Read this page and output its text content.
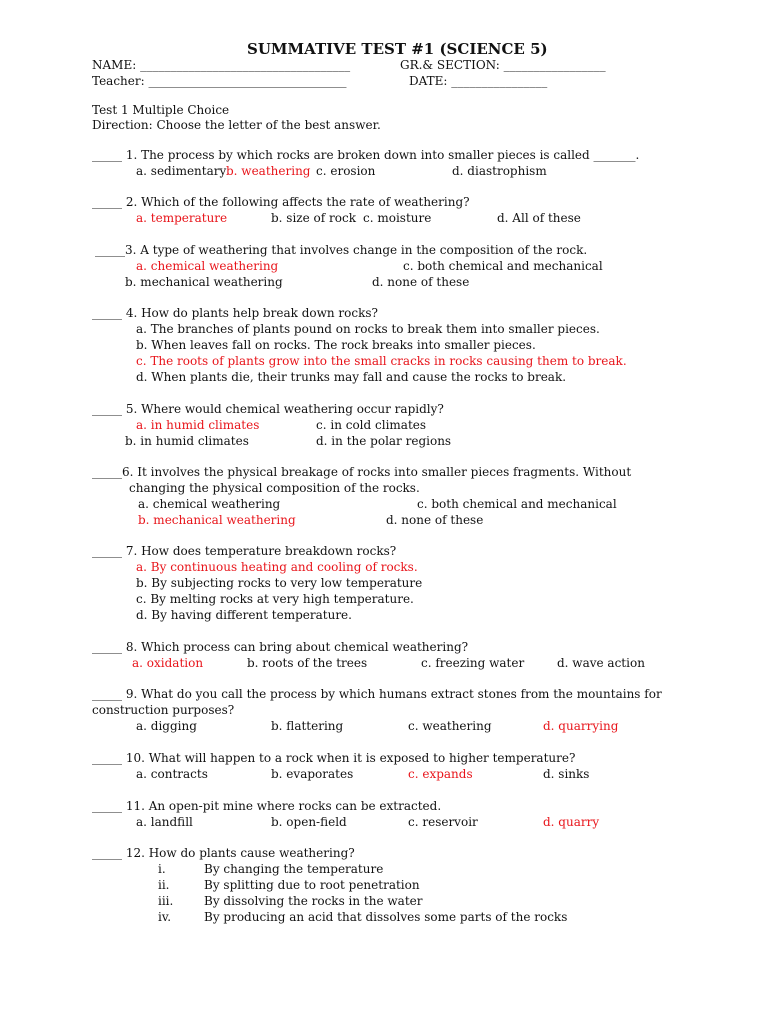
SUMMATIVE TEST #1 (SCIENCE 5)
NAME: ___________________________________	GR.& SECTION: _________________
Teacher: _________________________________	DATE: ________________
Test 1 Multiple Choice
Direction: Choose the letter of the best answer.
_____ 1. The process by which rocks are broken down into smaller pieces is called _______.
a. sedimentary b. weathering c. erosion	d. diastrophism
_____ 2. Which of the following affects the rate of weathering?
a. temperature	b. size of rock c. moisture	d. All of these
_____3. A type of weathering that involves change in the composition of the rock.
a. chemical weathering	c. both chemical and mechanical
b. mechanical weathering	d. none of these
_____ 4. How do plants help break down rocks?
a. The branches of plants pound on rocks to break them into smaller pieces.
b. When leaves fall on rocks. The rock breaks into smaller pieces.
c. The roots of plants grow into the small cracks in rocks causing them to break.
d. When plants die, their trunks may fall and cause the rocks to break.
_____ 5. Where would chemical weathering occur rapidly?
a. in humid climates	c. in cold climates
b. in humid climates	d. in the polar regions
_____6. It involves the physical breakage of rocks into smaller pieces fragments. Without
changing the physical composition of the rocks.
a. chemical weathering	c. both chemical and mechanical
b. mechanical weathering	d. none of these
_____ 7. How does temperature breakdown rocks?
a. By continuous heating and cooling of rocks.
b. By subjecting rocks to very low temperature
c. By melting rocks at very high temperature.
d. By having different temperature.
_____ 8. Which process can bring about chemical weathering?
a. oxidation	b. roots of the trees	c. freezing water	d. wave action
_____ 9. What do you call the process by which humans extract stones from the mountains for
construction purposes?
a. digging	b. flattering	c. weathering	d. quarrying
_____ 10. What will happen to a rock when it is exposed to higher temperature?
a. contracts	b. evaporates	c. expands	d. sinks
_____ 11. An open-pit mine where rocks can be extracted.
a. landfill	b. open-field	c. reservoir	d. quarry
_____ 12. How do plants cause weathering?
i.	By changing the temperature
ii.	By splitting due to root penetration
iii.	By dissolving the rocks in the water
iv.	By producing an acid that dissolves some parts of the rocks
